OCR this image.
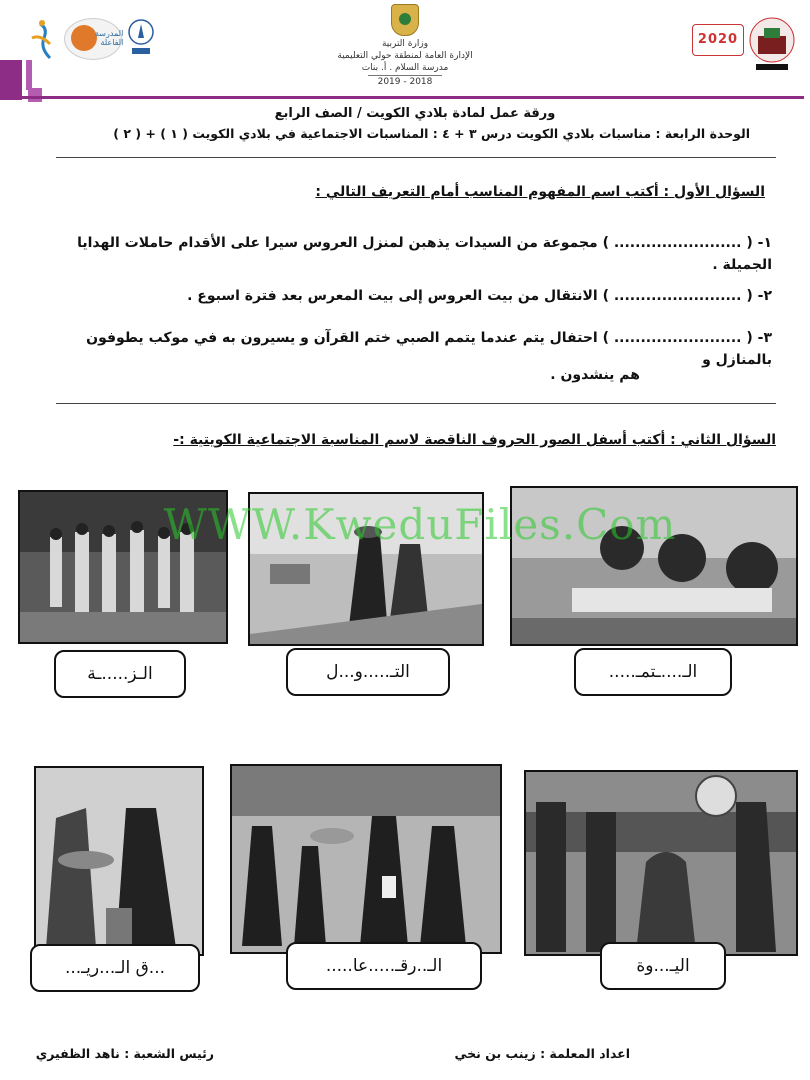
المدرسة الفاعلة	وزارة التربية
الإدارة العامة لمنطقة حولي التعليمية
مدرسة السلام . أ. بنات
2018 - 2019
2020
ورقة عمل لمادة بلادي الكويت / الصف الرابع
الوحدة الرابعة : مناسبات بلادي الكويت درس ٣ + ٤ : المناسبات الاجتماعية في بلادي الكويت ( ١ ) + ( ٢ )
السؤال الأول : أكتب اسم المفهوم المناسب أمام التعريف التالي :
١- ( ........................ ) مجموعة من السيدات يذهبن لمنزل العروس سيرا على الأقدام حاملات الهدايا الجميلة .
٢- ( ........................ ) الانتقال من بيت العروس إلى بيت المعرس بعد فترة اسبوع .
٣- ( ........................ ) احتفال يتم عندما يتمم الصبي ختم القرآن و يسيرون به في موكب يطوفون بالمنازل و
هم ينشدون .
السؤال الثاني : أكتب أسفل الصور الحروف الناقصة لاسم المناسبة الاجتماعية الكويتية :-
الـز.....ـة	التـ.....و...ل	الـ....ـتمـ.....
...ق الـ...ريـ...	الـ..رقـ.....عا.....	اليـ...وة
WWW.KweduFiles.Com
اعداد المعلمة : زينب بن نخي
رئيس الشعبة : ناهد الظفيري
